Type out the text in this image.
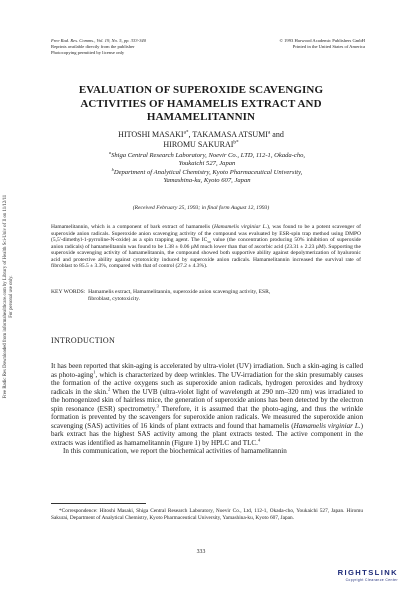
Free Rad. Res. Comms., Vol. 19, No. 5, pp. 333-340
Reprints available directly from the publisher
Photocopying permitted by license only
© 1993 Harwood Academic Publishers GmbH
Printed in the United States of America
Free Radic Res Downloaded from informahealthcare.com by Library of Health Sci-Univ of Il on 11/12/11 For personal use only.
EVALUATION OF SUPEROXIDE SCAVENGING
ACTIVITIES OF HAMAMELIS EXTRACT AND
HAMAMELITANNIN
HITOSHI $MASAKI^{a*}$, TAKAMASA ATSUMI$^a$ and
HIROMU $SAKURAI^{b*}$
$^a$Shiga Central Research Laboratory, Noevir Co., LTD, 112-1, Okada-cho,
Youkaichi 527, Japan
$^b$Department of Analytical Chemistry, Kyoto Pharmaceutical University,
Yamashina-ku, Kyoto 607, Japan
(Received February 25, 1993; in final form August 12, 1993)
Hamamelitannin, which is a component of bark extract of hamamelis (Hamamelis virginiar L.), was found to be a potent scavenger of superoxide anion radicals. Superoxide anion scavenging activity of the compound was evaluated by ESR-spin trap method using DMPO (5,5'-dimethyl-1-pyrroline-N-oxide) as a spin trapping agent. The $IC_{50}$ value (the concentration producing 50% inhibition of superoxide anion radicals) of hamamelitannin was found to be 1.38 ± 0.06 µM much lower than that of ascorbic acid (23.31 ± 2.23 µM). Supporting the superoxide scavenging activity of hamamelitannin, the compound showed both supportive ability against depolymerization of hyaluronic acid and protective ability against cytotoxicity induced by superoxide anion radicals. Hamamelitannin increased the survival rate of fibroblast to 85.5 ± 3.3%, compared with that of control (27.2 ± 4.3%).
KEY WORDS: Hamamelis extract, Hamamelitannin, superoxide anion scavenging activity, ESR,
fibroblast, cytotoxicity.
INTRODUCTION

It has been reported that skin-aging is accelerated by ultra-violet (UV) irradiation. Such a skin-aging is called as photo-aging$^1$, which is characterized by deep wrinkles. The UV-irradiation for the skin presumably causes the formation of the active oxygens such as superoxide anion radicals, hydrogen peroxides and hydroxy radicals in the skin.$^2$ When the UVB (ultra-violet light of wavelength at 290 nm–320 nm) was irradiated to the homogenized skin of hairless mice, the generation of superoxide anions has been detected by the electron spin resonance (ESR) spectrometry.$^3$ Therefore, it is assumed that the photo-aging, and thus the wrinkle formation is prevented by the scavengers for superoxide anion radicals. We measured the superoxide anion scavenging (SAS) activities of 16 kinds of plant extracts and found that hamamelis (Hamamelis virginiar L.) bark extract has the highest SAS activity among the plant extracts tested. The active component in the extracts was identified as hamamelitannin (Figure 1) by HPLC and TLC.$^4$

In this communication, we report the biochemical activities of hamamelitannin

*Correspondence: Hitoshi Masaki, Shiga Central Research Laboratory, Noevir Co., Ltd, 112-1, Okada-cho, Youkaichi 527, Japan. Hiromu Sakurai, Department of Analytical Chemistry, Kyoto Pharmaceutical University, Yamashina-ku, Kyoto 607, Japan.
333
RIGHTSLINK
Copyright Clearance Center
